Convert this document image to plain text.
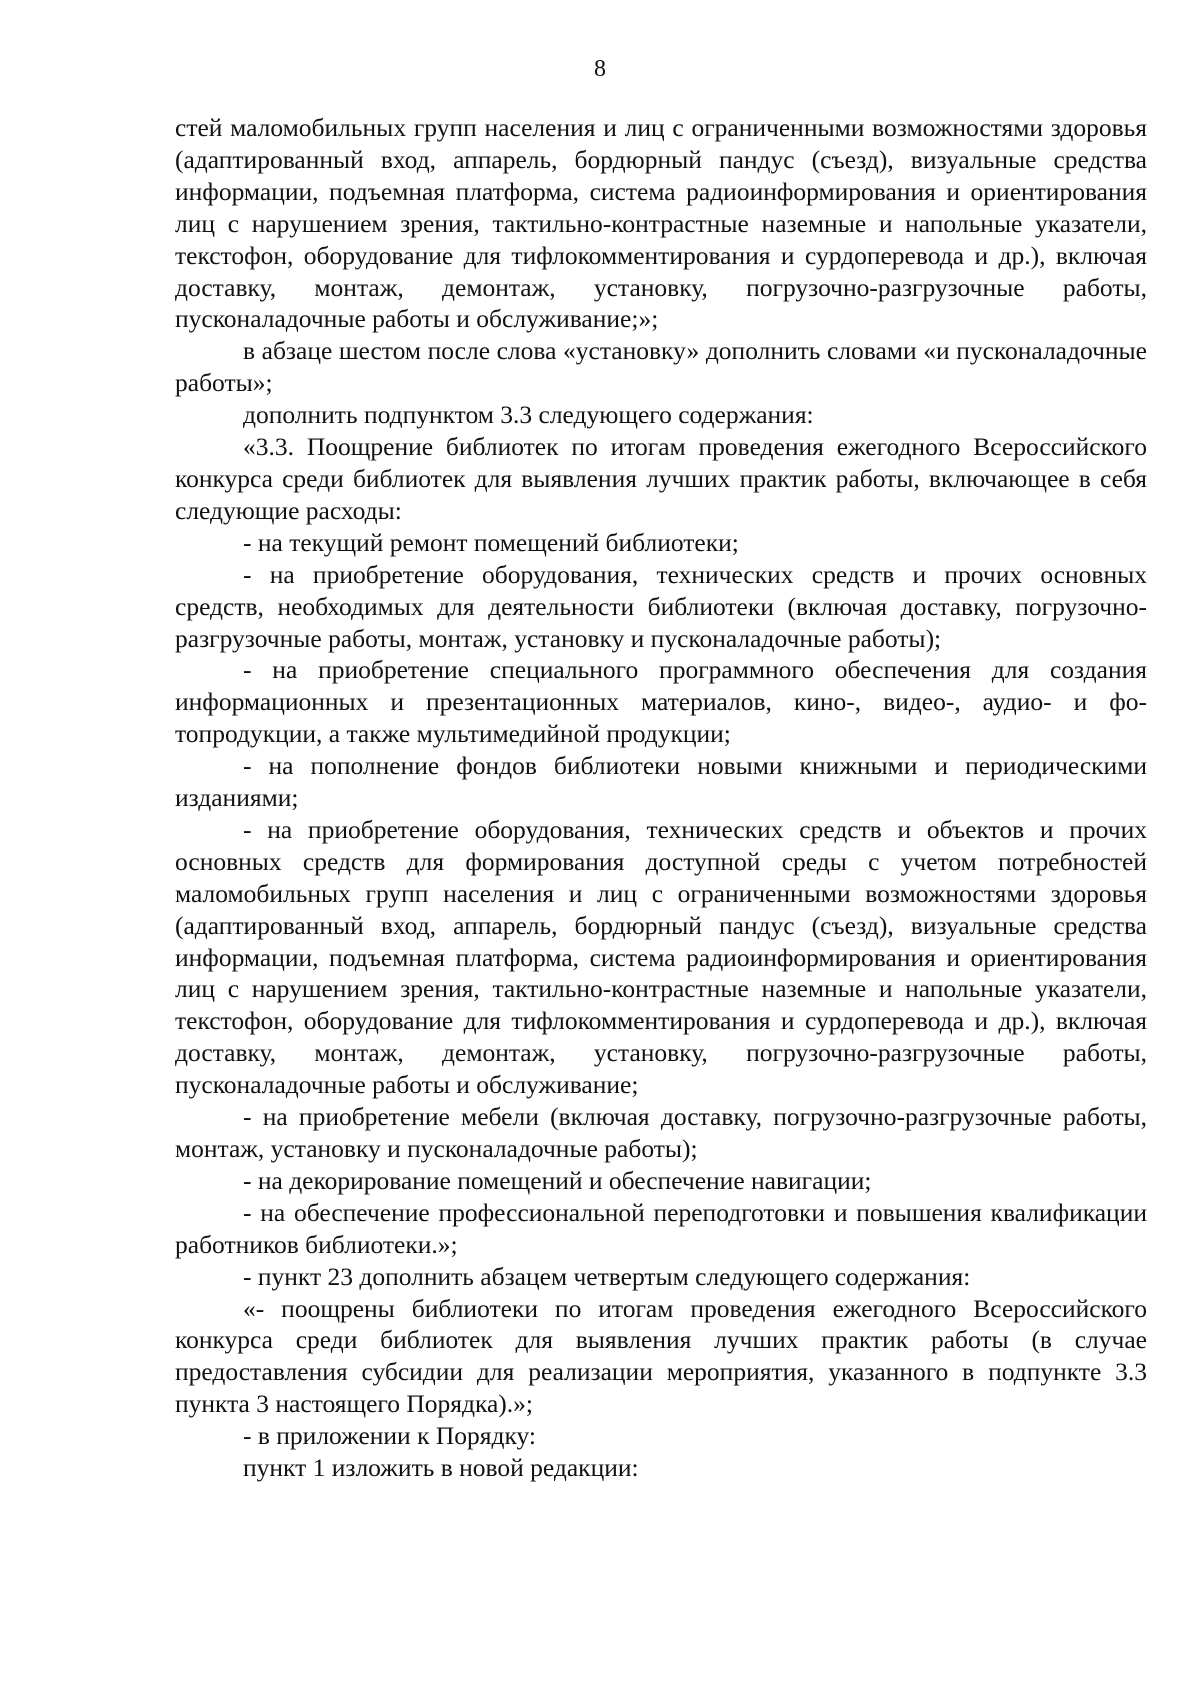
8

стей маломобильных групп населения и лиц с ограниченными возможностями здоровья (адаптированный вход, аппарель, бордюрный пандус (съезд), визуальные средства информации, подъемная платформа, система радиоинформирования и ориентирования лиц с нарушением зрения, тактильно-контрастные наземные и напольные указатели, текстофон, оборудование для тифлокомментирования и сурдоперевода и др.), включая доставку, монтаж, демонтаж, установку, погрузочно-разгрузочные работы, пусконаладочные работы и обслуживание;»;

в абзаце шестом после слова «установку» дополнить словами «и пусконаладочные работы»;

дополнить подпунктом 3.3 следующего содержания:

«3.3. Поощрение библиотек по итогам проведения ежегодного Всероссийского конкурса среди библиотек для выявления лучших практик работы, включающее в себя следующие расходы:

- на текущий ремонт помещений библиотеки;

- на приобретение оборудования, технических средств и прочих основных средств, необходимых для деятельности библиотеки (включая доставку, погрузочно-разгрузочные работы, монтаж, установку и пусконаладочные работы);

- на приобретение специального программного обеспечения для создания информационных и презентационных материалов, кино-, видео-, аудио- и фотопродукции, а также мультимедийной продукции;

- на пополнение фондов библиотеки новыми книжными и периодическими изданиями;

- на приобретение оборудования, технических средств и объектов и прочих основных средств для формирования доступной среды с учетом потребностей маломобильных групп населения и лиц с ограниченными возможностями здоровья (адаптированный вход, аппарель, бордюрный пандус (съезд), визуальные средства информации, подъемная платформа, система радиоинформирования и ориентирования лиц с нарушением зрения, тактильно-контрастные наземные и напольные указатели, текстофон, оборудование для тифлокомментирования и сурдоперевода и др.), включая доставку, монтаж, демонтаж, установку, погрузочно-разгрузочные работы, пусконаладочные работы и обслуживание;

- на приобретение мебели (включая доставку, погрузочно-разгрузочные работы, монтаж, установку и пусконаладочные работы);

- на декорирование помещений и обеспечение навигации;

- на обеспечение профессиональной переподготовки и повышения квалификации работников библиотеки.»;

- пункт 23 дополнить абзацем четвертым следующего содержания:

«- поощрены библиотеки по итогам проведения ежегодного Всероссийского конкурса среди библиотек для выявления лучших практик работы (в случае предоставления субсидии для реализации мероприятия, указанного в подпункте 3.3 пункта 3 настоящего Порядка).»;

- в приложении к Порядку:

пункт 1 изложить в новой редакции:
